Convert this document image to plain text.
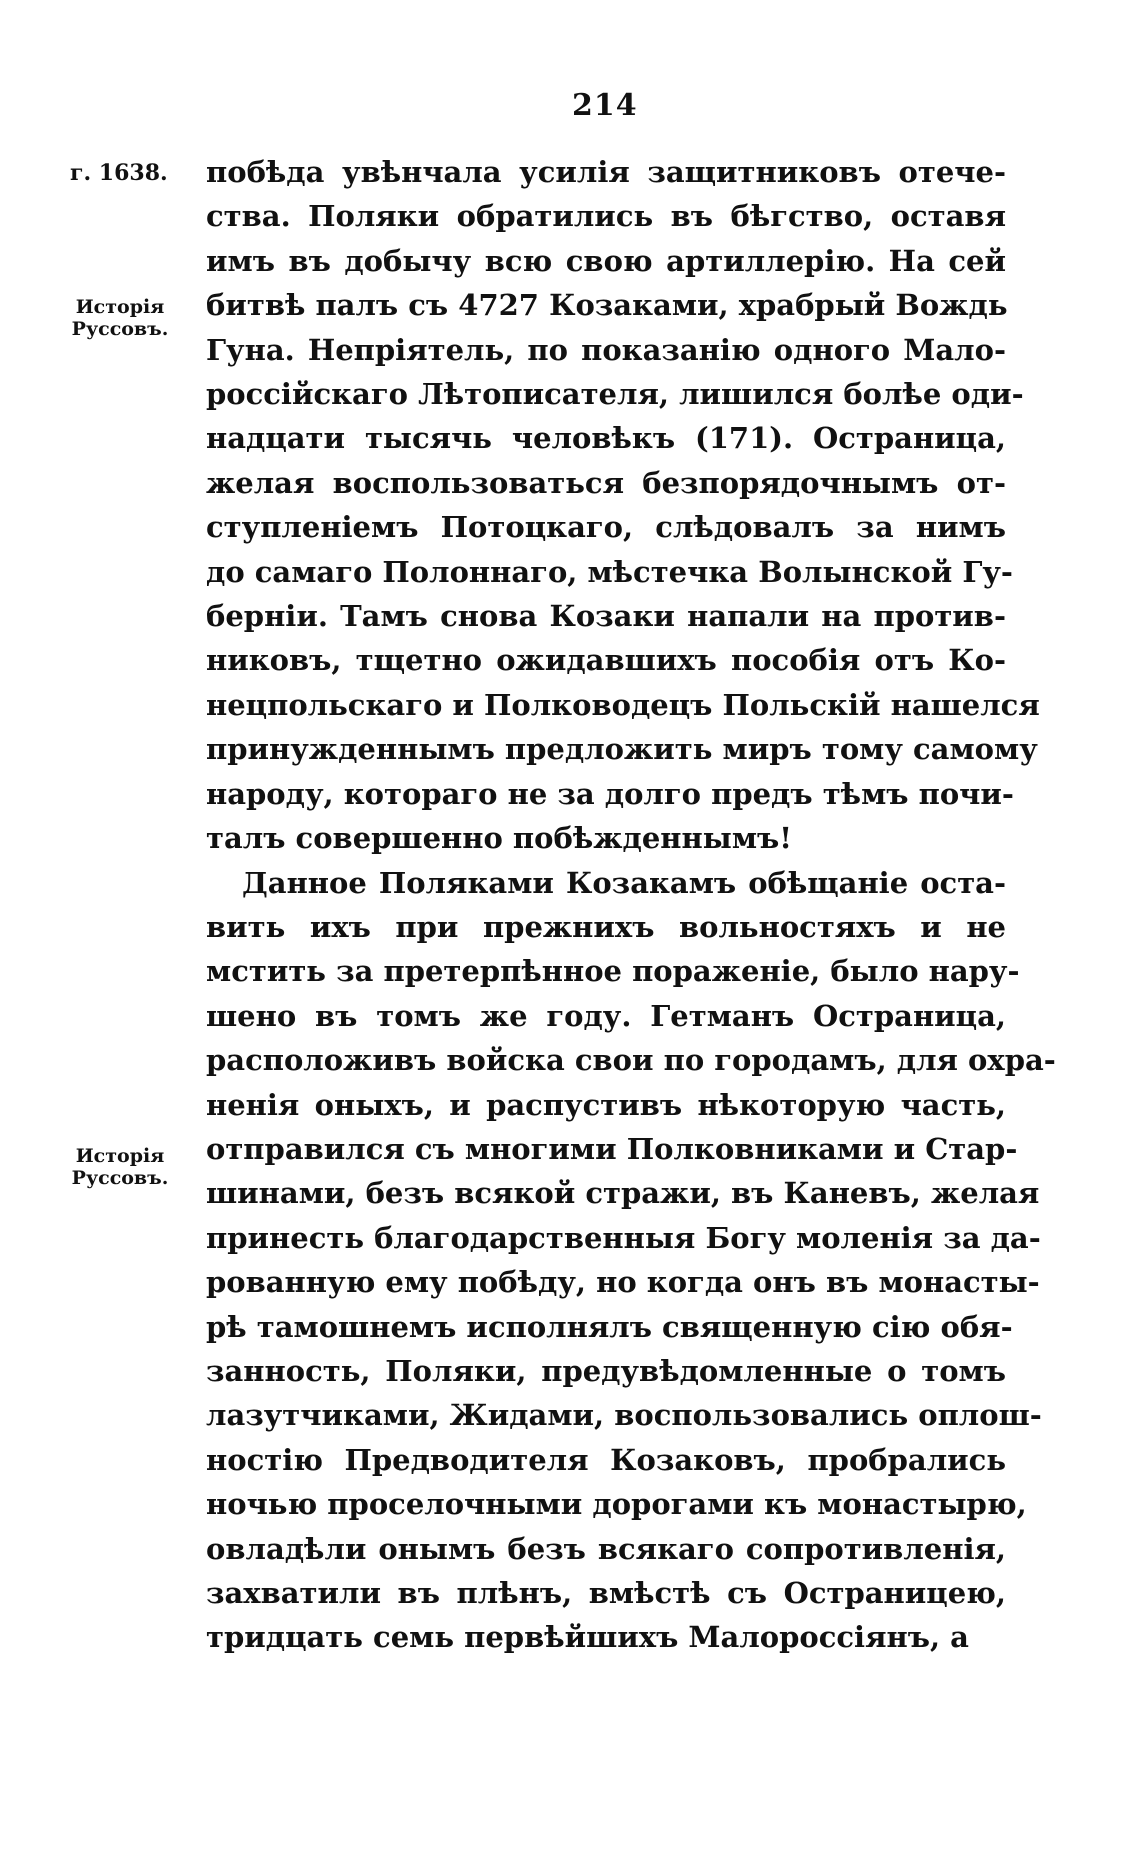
214
г. 1638.
Исторія
Руссовъ.
Исторія
Руссовъ.
побѣда увѣнчала усилія защитниковъ отече-
ства. Поляки обратились въ бѣгство, оставя
имъ въ добычу всю свою артиллерію. На сей
битвѣ палъ съ 4727 Козаками, храбрый Вождь
Гуна. Непріятель, по показанію одного Мало-
россійскаго Лѣтописателя, лишился болѣе оди-
надцати тысячь человѣкъ (171). Остраница,
желая воспользоваться безпорядочнымъ от-
ступленіемъ Потоцкаго, слѣдовалъ за нимъ
до самаго Полоннаго, мѣстечка Волынской Гу-
берніи. Тамъ снова Козаки напали на против-
никовъ, тщетно ожидавшихъ пособія отъ Ко-
нецпольскаго и Полководецъ Польскій нашелся
принужденнымъ предложить миръ тому самому
народу, котораго не за долго предъ тѣмъ почи-
талъ совершенно побѣжденнымъ!
Данное Поляками Козакамъ обѣщаніе оста-
вить ихъ при прежнихъ вольностяхъ и не
мстить за претерпѣнное пораженіе, было нару-
шено въ томъ же году. Гетманъ Остраница,
расположивъ войска свои по городамъ, для охра-
ненія оныхъ, и распустивъ нѣкоторую часть,
отправился съ многими Полковниками и Стар-
шинами, безъ всякой стражи, въ Каневъ, желая
принесть благодарственныя Богу моленія за да-
рованную ему побѣду, но когда онъ въ монасты-
рѣ тамошнемъ исполнялъ священную сію обя-
занность, Поляки, предувѣдомленные о томъ
лазутчиками, Жидами, воспользовались оплош-
ностію Предводителя Козаковъ, пробрались
ночью проселочными дорогами къ монастырю,
овладѣли онымъ безъ всякаго сопротивленія,
захватили въ плѣнъ, вмѣстѣ съ Остраницею,
тридцать семь первѣйшихъ Малороссіянъ, а
